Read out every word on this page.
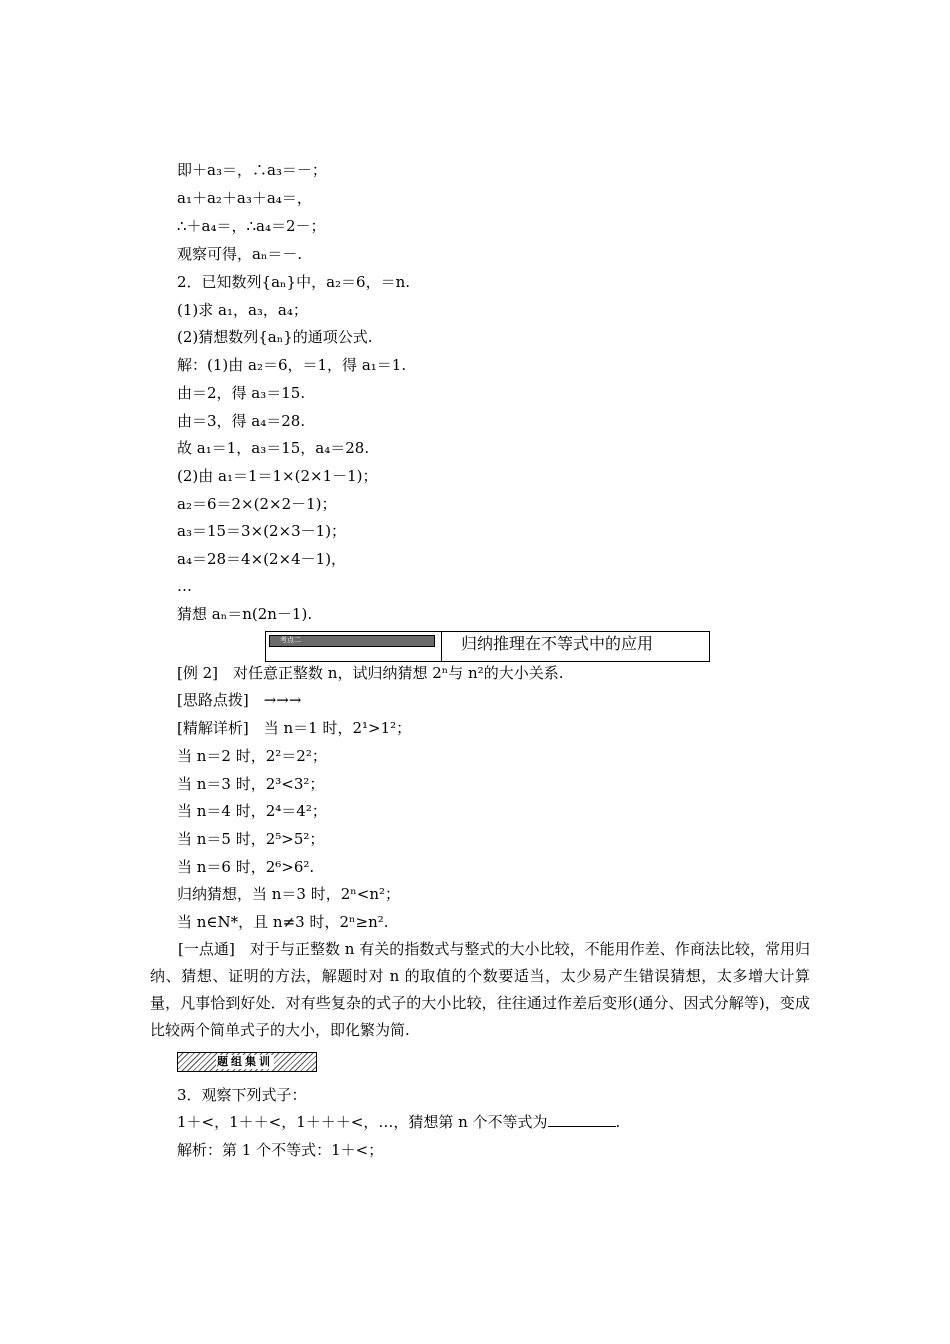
即＋a₃＝，∴a₃＝－；
a₁＋a₂＋a₃＋a₄＝，
∴＋a₄＝，∴a₄＝2－；
观察可得，aₙ＝－.
2．已知数列{aₙ}中，a₂＝6，＝n.
(1)求 a₁，a₃，a₄；
(2)猜想数列{aₙ}的通项公式.
解：(1)由 a₂＝6，＝1，得 a₁＝1.
由＝2，得 a₃＝15.
由＝3，得 a₄＝28.
故 a₁＝1，a₃＝15，a₄＝28.
(2)由 a₁＝1＝1×(2×1－1)；
a₂＝6＝2×(2×2－1)；
a₃＝15＝3×(2×3－1)；
a₄＝28＝4×(2×4－1)，
…
猜想 aₙ＝n(2n－1).
考点二	归纳推理在不等式中的应用
[例 2]　对任意正整数 n，试归纳猜想 2ⁿ与 n²的大小关系.
[思路点拨]　→→→
[精解详析]　当 n＝1 时，2¹>1²；
当 n＝2 时，2²＝2²；
当 n＝3 时，2³<3²；
当 n＝4 时，2⁴＝4²；
当 n＝5 时，2⁵>5²；
当 n＝6 时，2⁶>6².
归纳猜想，当 n＝3 时，2ⁿ<n²；
当 n∈N*，且 n≠3 时，2ⁿ≥n².
[一点通]　对于与正整数 n 有关的指数式与整式的大小比较，不能用作差、作商法比较，常用归纳、猜想、证明的方法，解题时对 n 的取值的个数要适当，太少易产生错误猜想，太多增大计算量，凡事恰到好处．对有些复杂的式子的大小比较，往往通过作差后变形(通分、因式分解等)，变成比较两个简单式子的大小，即化繁为简.
题组集训
3．观察下列式子：
1＋<，1＋＋<，1＋＋＋<，…，猜想第 n 个不等式为	.
解析：第 1 个不等式：1＋<；
